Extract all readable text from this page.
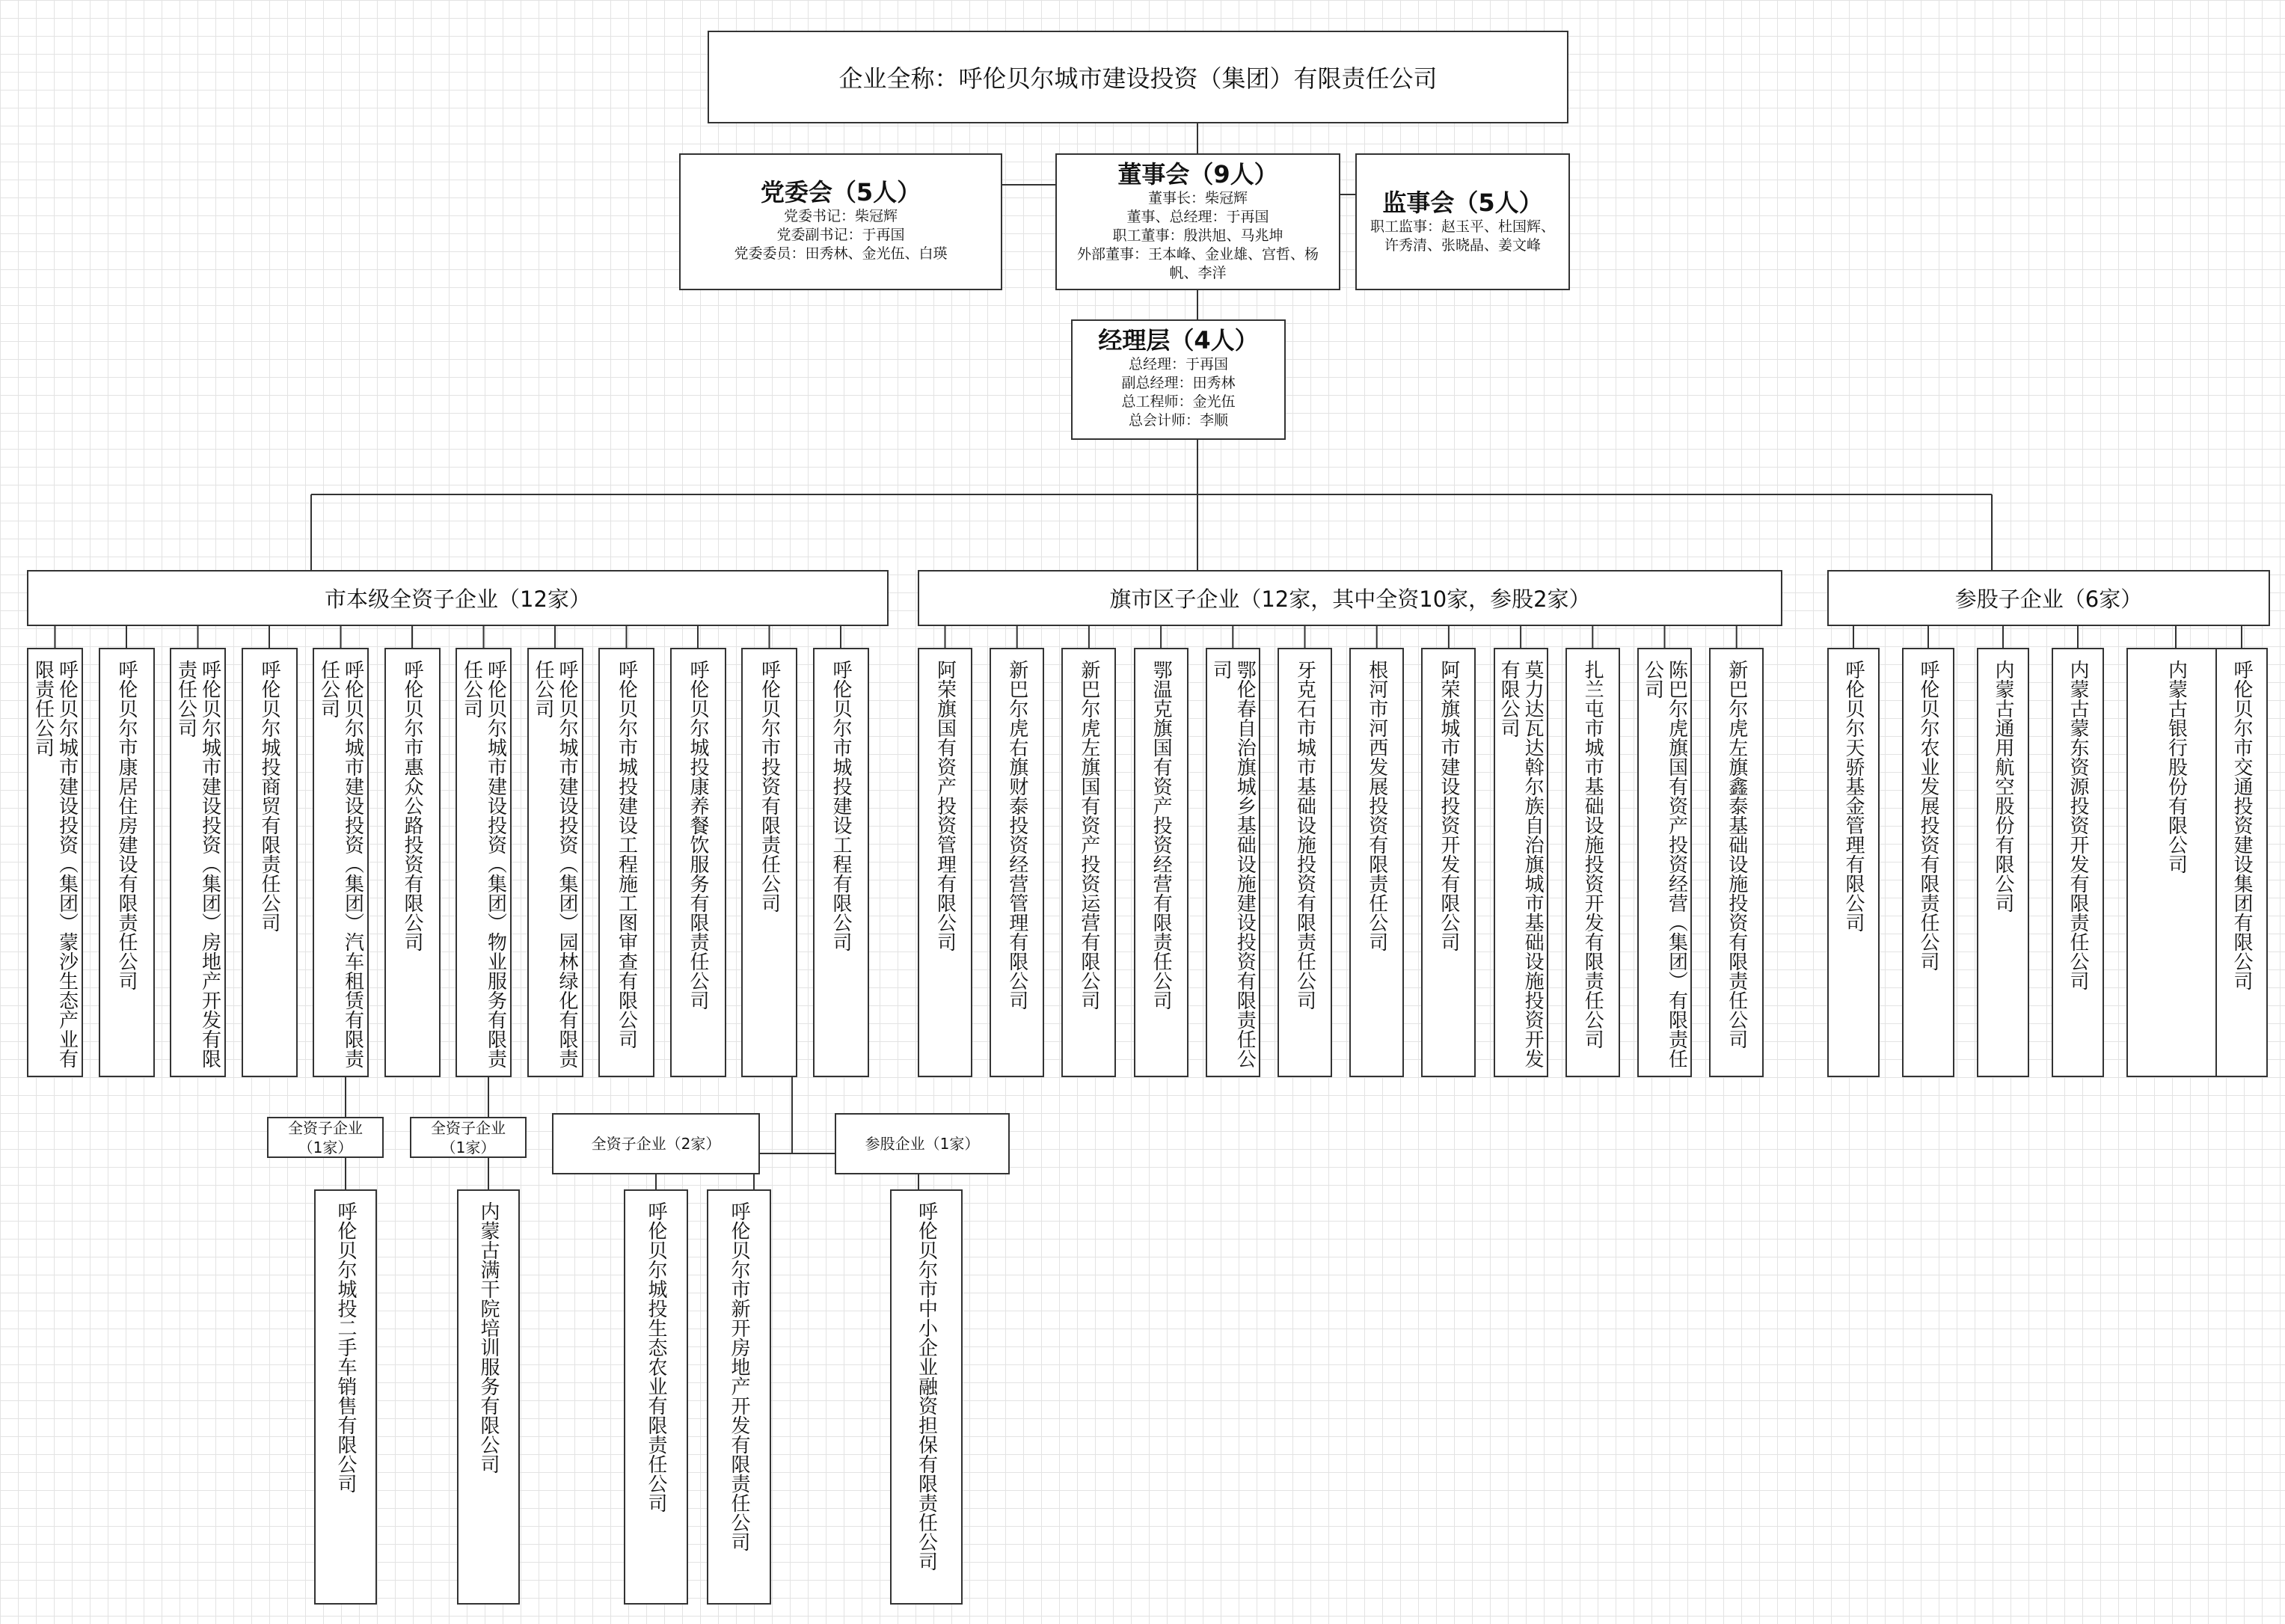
企业全称：呼伦贝尔城市建设投资（集团）有限责任公司
党委会（5人）
党委书记：柴冠辉
党委副书记：于再国
党委委员：田秀林、金光伍、白瑛
董事会（9人）
董事长：柴冠辉
董事、总经理：于再国
职工董事：殷洪旭、马兆坤
外部董事：王本峰、金业雄、宫哲、杨
帆、李洋
监事会（5人）
职工监事：赵玉平、杜国辉、
许秀清、张晓晶、姜文峰
经理层（4人）
总经理：于再国
副总经理：田秀林
总工程师：金光伍
总会计师：李顺
市本级全资子企业（12家）	旗市区子企业（12家，其中全资10家，参股2家）	参股子企业（6家）
呼伦贝尔城市建设投资（集团）蒙沙生态产业有限责任公司	呼伦贝尔市康居住房建设有限责任公司	呼伦贝尔城市建设投资（集团）房地产开发有限责任公司	呼伦贝尔城投商贸有限责任公司	呼伦贝尔城市建设投资（集团）汽车租赁有限责任公司	呼伦贝尔市惠众公路投资有限公司	呼伦贝尔城市建设投资（集团）物业服务有限责任公司	呼伦贝尔城市建设投资（集团）园林绿化有限责任公司	呼伦贝尔市城投建设工程施工图审查有限公司	呼伦贝尔城投康养餐饮服务有限责任公司	呼伦贝尔市投资有限责任公司	呼伦贝尔市城投建设工程有限公司	阿荣旗国有资产投资管理有限公司	新巴尔虎右旗财泰投资经营管理有限公司	新巴尔虎左旗国有资产投资运营有限公司	鄂温克旗国有资产投资经营有限责任公司	鄂伦春自治旗城乡基础设施建设投资有限责任公司	牙克石市城市基础设施投资有限责任公司	根河市河西发展投资有限责任公司	阿荣旗城市建设投资开发有限公司	莫力达瓦达斡尔族自治旗城市基础设施投资开发有限公司	扎兰屯市城市基础设施投资开发有限责任公司	陈巴尔虎旗国有资产投资经营（集团）有限责任公司	新巴尔虎左旗鑫泰基础设施投资有限责任公司	呼伦贝尔天骄基金管理有限公司	呼伦贝尔农业发展投资有限责任公司	内蒙古通用航空股份有限公司	内蒙古蒙东资源投资开发有限责任公司	内蒙古银行股份有限公司 呼伦贝尔市交通投资建设集团有限公司
全资子企业
（1家）
全资子企业
（1家）	全资子企业（2家）	参股企业（1家）
呼伦贝尔城投二手车销售有限公司	内蒙古满干院培训服务有限公司	呼伦贝尔城投生态农业有限责任公司	呼伦贝尔市新开房地产开发有限责任公司	呼伦贝尔市中小企业融资担保有限责任公司
